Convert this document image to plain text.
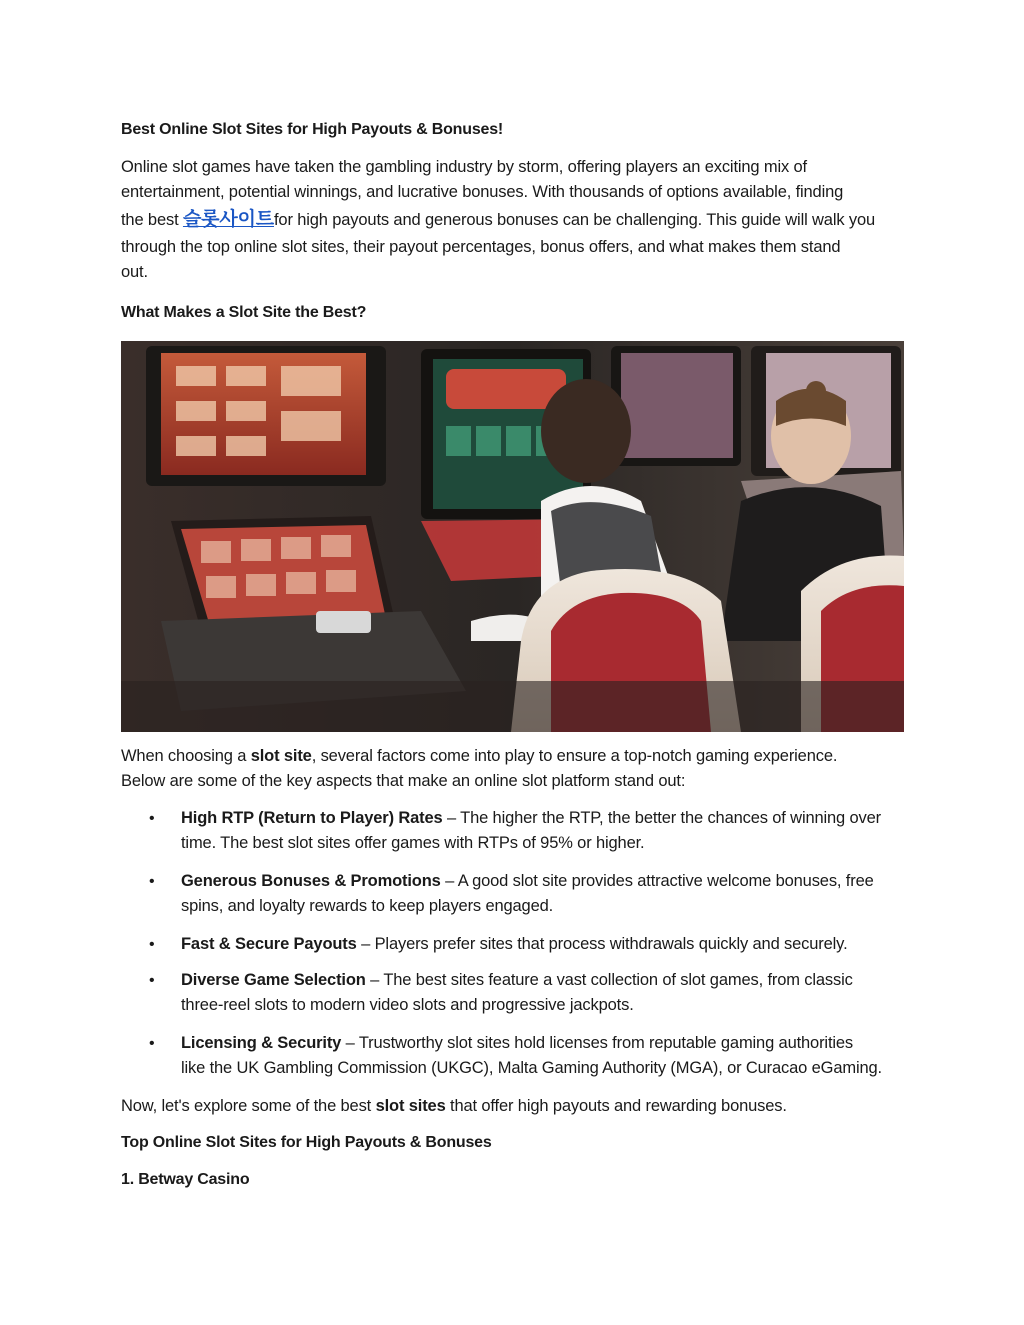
Best Online Slot Sites for High Payouts & Bonuses!
Online slot games have taken the gambling industry by storm, offering players an exciting mix of
entertainment, potential winnings, and lucrative bonuses. With thousands of options available, finding
the best 슬롯사이트for high payouts and generous bonuses can be challenging. This guide will walk you
through the top online slot sites, their payout percentages, bonus offers, and what makes them stand
out.
What Makes a Slot Site the Best?
When choosing a slot site, several factors come into play to ensure a top-notch gaming experience.
Below are some of the key aspects that make an online slot platform stand out:
• High RTP (Return to Player) Rates – The higher the RTP, the better the chances of winning over
time. The best slot sites offer games with RTPs of 95% or higher.
• Generous Bonuses & Promotions – A good slot site provides attractive welcome bonuses, free
spins, and loyalty rewards to keep players engaged.
• Fast & Secure Payouts – Players prefer sites that process withdrawals quickly and securely.
• Diverse Game Selection – The best sites feature a vast collection of slot games, from classic
three-reel slots to modern video slots and progressive jackpots.
• Licensing & Security – Trustworthy slot sites hold licenses from reputable gaming authorities
like the UK Gambling Commission (UKGC), Malta Gaming Authority (MGA), or Curacao eGaming.
Now, let's explore some of the best slot sites that offer high payouts and rewarding bonuses.
Top Online Slot Sites for High Payouts & Bonuses
1. Betway Casino
